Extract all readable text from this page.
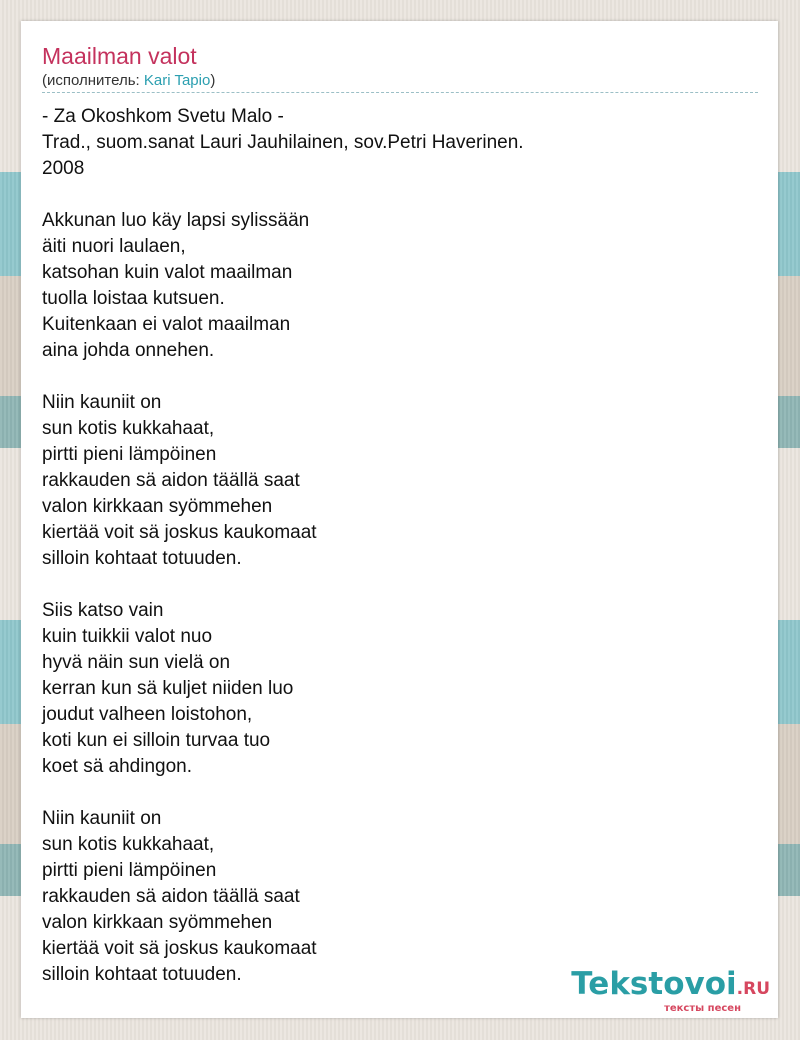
Maailman valot
(исполнитель: Kari Tapio)
- Za Okoshkom Svetu Malo -
Trad., suom.sanat Lauri Jauhilainen, sov.Petri Haverinen.
2008
Akkunan luo käy lapsi sylissään
äiti nuori laulaen,
katsohan kuin valot maailman
tuolla loistaa kutsuen.
Kuitenkaan ei valot maailman
aina johda onnehen.
Niin kauniit on
sun kotis kukkahaat,
pirtti pieni lämpöinen
rakkauden sä aidon täällä saat
valon kirkkaan syömmehen
kiertää voit sä joskus kaukomaat
silloin kohtaat totuuden.
Siis katso vain
kuin tuikkii valot nuo
hyvä näin sun vielä on
kerran kun sä kuljet niiden luo
joudut valheen loistohon,
koti kun ei silloin turvaa tuo
koet sä ahdingon.
Niin kauniit on
sun kotis kukkahaat,
pirtti pieni lämpöinen
rakkauden sä aidon täällä saat
valon kirkkaan syömmehen
kiertää voit sä joskus kaukomaat
silloin kohtaat totuuden.	Tekstovoi.RU
тексты песен
